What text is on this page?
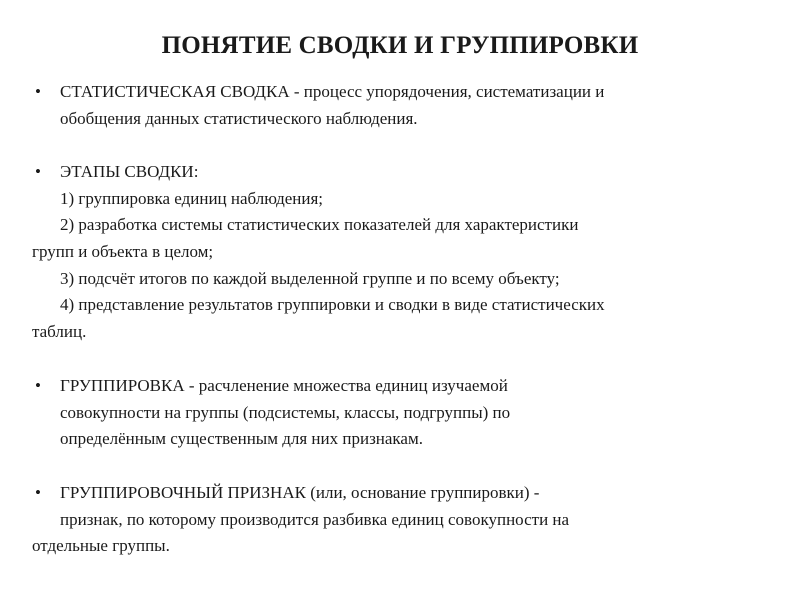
ПОНЯТИЕ СВОДКИ И ГРУППИРОВКИ
• СТАТИСТИЧЕСКАЯ СВОДКА - процесс упорядочения, систематизации и
обобщения данных статистического наблюдения.
• ЭТАПЫ СВОДКИ:
1) группировка единиц наблюдения;
2) разработка системы статистических показателей для характеристики
групп и объекта в целом;
3) подсчёт итогов по каждой выделенной группе и по всему объекту;
4) представление результатов группировки и сводки в виде статистических
таблиц.
• ГРУППИРОВКА - расчленение множества единиц изучаемой
совокупности на группы (подсистемы, классы, подгруппы) по
определённым существенным для них признакам.
• ГРУППИРОВОЧНЫЙ ПРИЗНАК (или, основание группировки) -
признак, по которому производится разбивка единиц совокупности на
отдельные группы.
